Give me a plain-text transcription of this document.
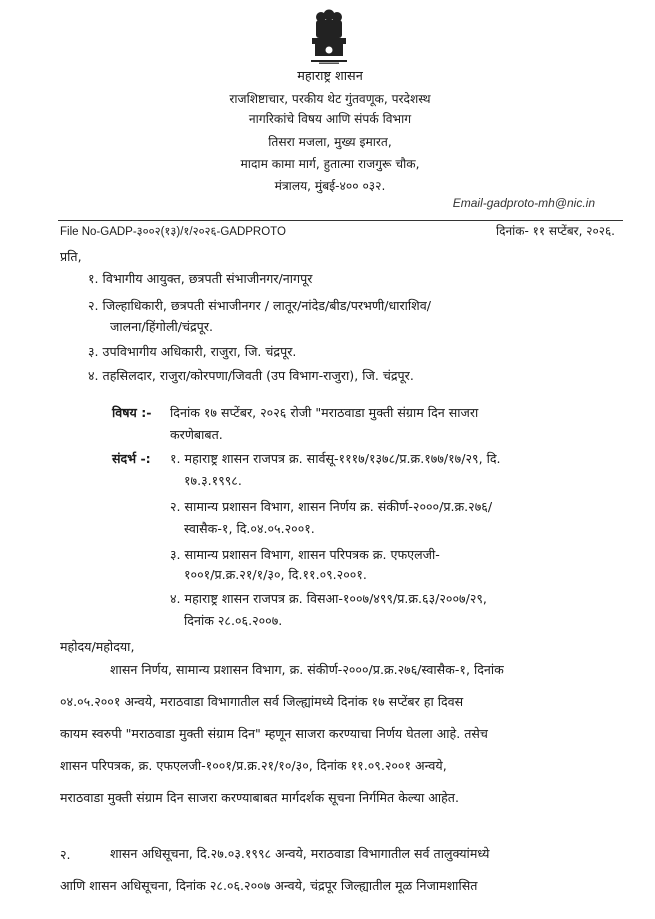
महाराष्ट्र शासन
राजशिष्टाचार, परकीय थेट गुंतवणूक, परदेशस्थ
नागरिकांचे विषय आणि संपर्क विभाग
तिसरा मजला, मुख्य इमारत,
मादाम कामा मार्ग, हुतात्मा राजगुरू चौक,
मंत्रालय, मुंबई-४०० ०३२.
Email-gadproto-mh@nic.in
File No-GADP-३००२(१३)/१/२०२६-GADPROTO	दिनांक- ११ सप्टेंबर, २०२६.
प्रति,
१. विभागीय आयुक्त, छत्रपती संभाजीनगर/नागपूर
२. जिल्हाधिकारी, छत्रपती संभाजीनगर / लातूर/नांदेड/बीड/परभणी/धाराशिव/
जालना/हिंगोली/चंद्रपूर.
३. उपविभागीय अधिकारी, राजुरा, जि. चंद्रपूर.
४. तहसिलदार, राजुरा/कोरपणा/जिवती (उप विभाग-राजुरा), जि. चंद्रपूर.
विषय :- दिनांक १७ सप्टेंबर, २०२६ रोजी "मराठवाडा मुक्ती संग्राम दिन साजरा
करणेबाबत.
संदर्भ -: १. महाराष्ट्र शासन राजपत्र क्र. सार्वसू-१११७/१३७८/प्र.क्र.१७७/१७/२९, दि.
१७.३.१९९८.
२. सामान्य प्रशासन विभाग, शासन निर्णय क्र. संकीर्ण-२०००/प्र.क्र.२७६/
स्वासैक-१, दि.०४.०५.२००१.
३. सामान्य प्रशासन विभाग, शासन परिपत्रक क्र. एफएलजी-
१००१/प्र.क्र.२१/१/३०, दि.११.०९.२००१.
४. महाराष्ट्र शासन राजपत्र क्र. विसआ-१००७/४९९/प्र.क्र.६३/२००७/२९,
दिनांक २८.०६.२००७.
महोदय/महोदया,
शासन निर्णय, सामान्य प्रशासन विभाग, क्र. संकीर्ण-२०००/प्र.क्र.२७६/स्वासैक-१, दिनांक
०४.०५.२००१ अन्वये, मराठवाडा विभागातील सर्व जिल्ह्यांमध्ये दिनांक १७ सप्टेंबर हा दिवस
कायम स्वरुपी "मराठवाडा मुक्ती संग्राम दिन" म्हणून साजरा करण्याचा निर्णय घेतला आहे. तसेच
शासन परिपत्रक, क्र. एफएलजी-१००१/प्र.क्र.२१/१०/३०, दिनांक ११.०९.२००१ अन्वये,
मराठवाडा मुक्ती संग्राम दिन साजरा करण्याबाबत मार्गदर्शक सूचना निर्गमित केल्या आहेत.
२.	शासन अधिसूचना, दि.२७.०३.१९९८ अन्वये, मराठवाडा विभागातील सर्व तालुक्यांमध्ये
आणि शासन अधिसूचना, दिनांक २८.०६.२००७ अन्वये, चंद्रपूर जिल्ह्यातील मूळ निजामशासित
